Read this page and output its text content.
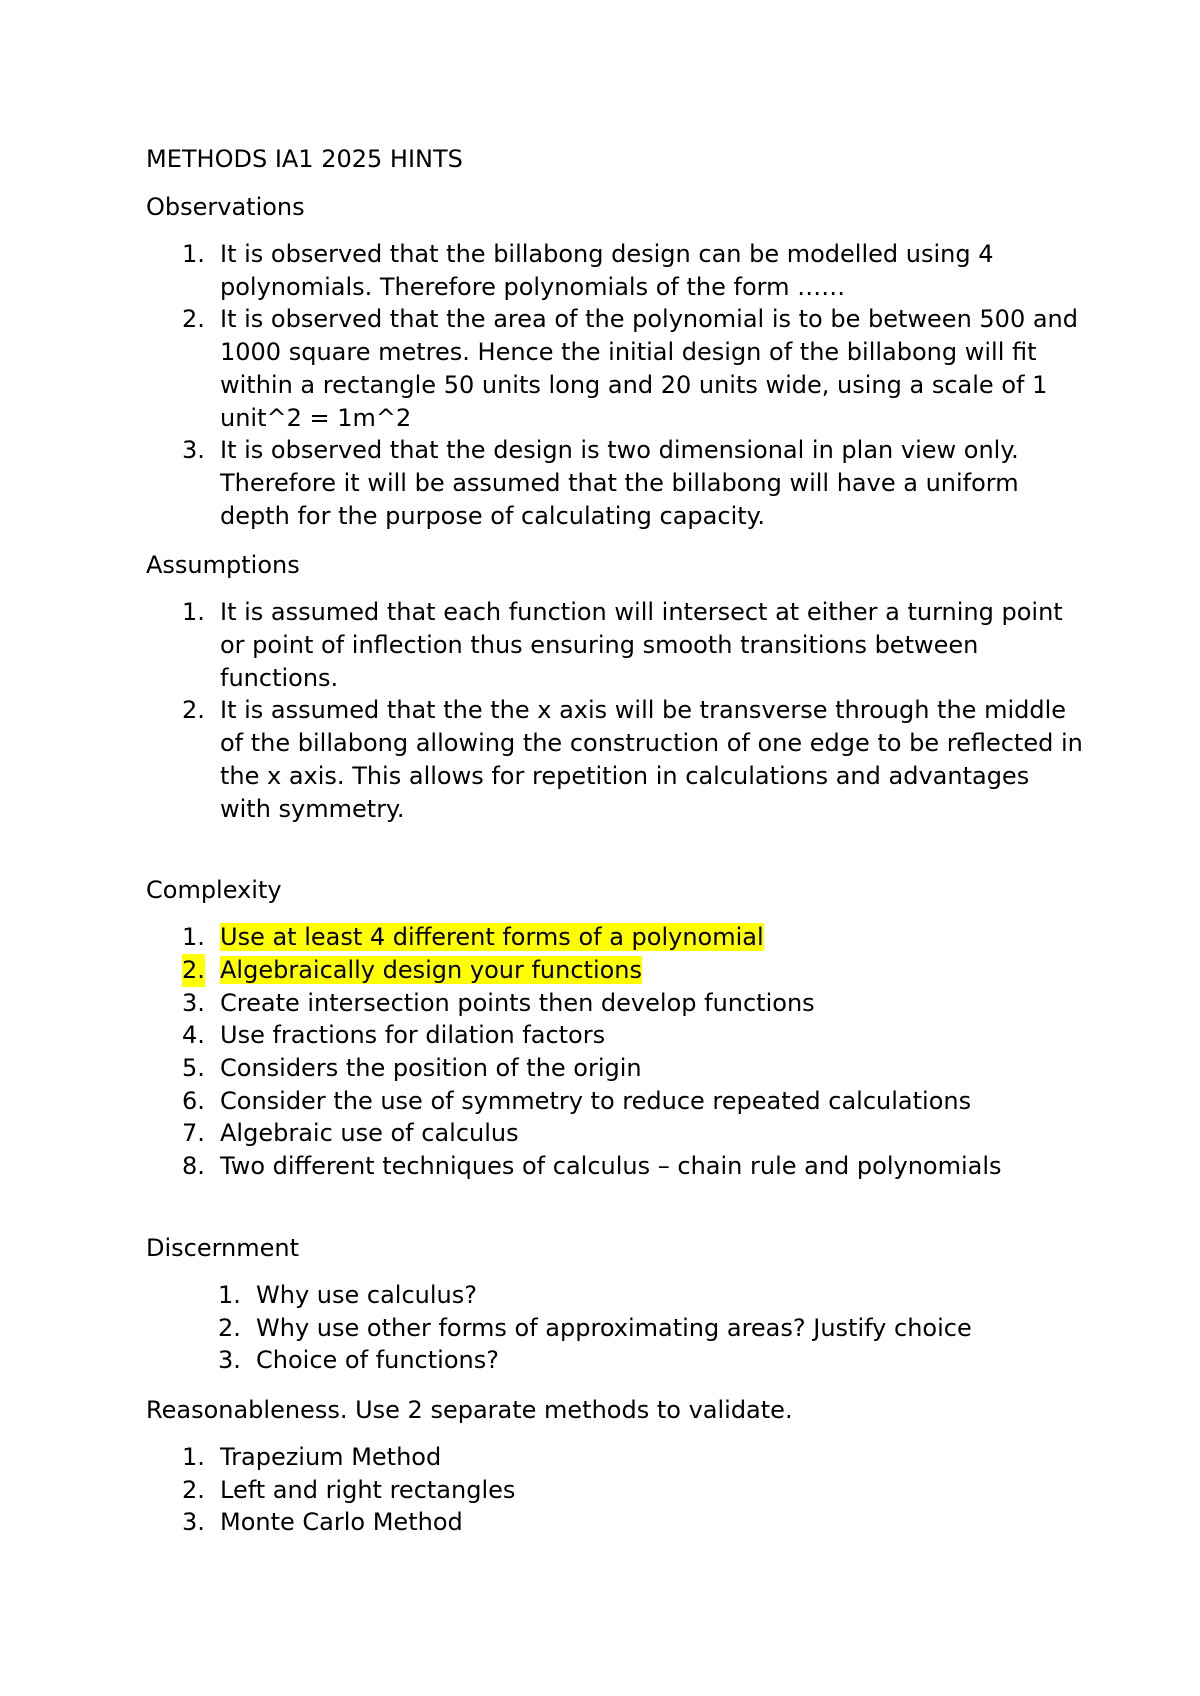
METHODS IA1 2025 HINTS
Observations
1. It is observed that the billabong design can be modelled using 4 polynomials. Therefore polynomials of the form ……
2. It is observed that the area of the polynomial is to be between 500 and 1000 square metres. Hence the initial design of the billabong will fit within a rectangle 50 units long and 20 units wide, using a scale of 1 unit^2 = 1m^2
3. It is observed that the design is two dimensional in plan view only. Therefore it will be assumed that the billabong will have a uniform depth for the purpose of calculating capacity.
Assumptions
1. It is assumed that each function will intersect at either a turning point or point of inflection thus ensuring smooth transitions between functions.
2. It is assumed that the the x axis will be transverse through the middle of the billabong allowing the construction of one edge to be reflected in the x axis. This allows for repetition in calculations and advantages with symmetry.
Complexity
1. Use at least 4 different forms of a polynomial
2. Algebraically design your functions
3. Create intersection points then develop functions
4. Use fractions for dilation factors
5. Considers the position of the origin
6. Consider the use of symmetry to reduce repeated calculations
7. Algebraic use of calculus
8. Two different techniques of calculus – chain rule and polynomials
Discernment
1. Why use calculus?
2. Why use other forms of approximating areas? Justify choice
3. Choice of functions?
Reasonableness. Use 2 separate methods to validate.
1. Trapezium Method
2. Left and right rectangles
3. Monte Carlo Method
